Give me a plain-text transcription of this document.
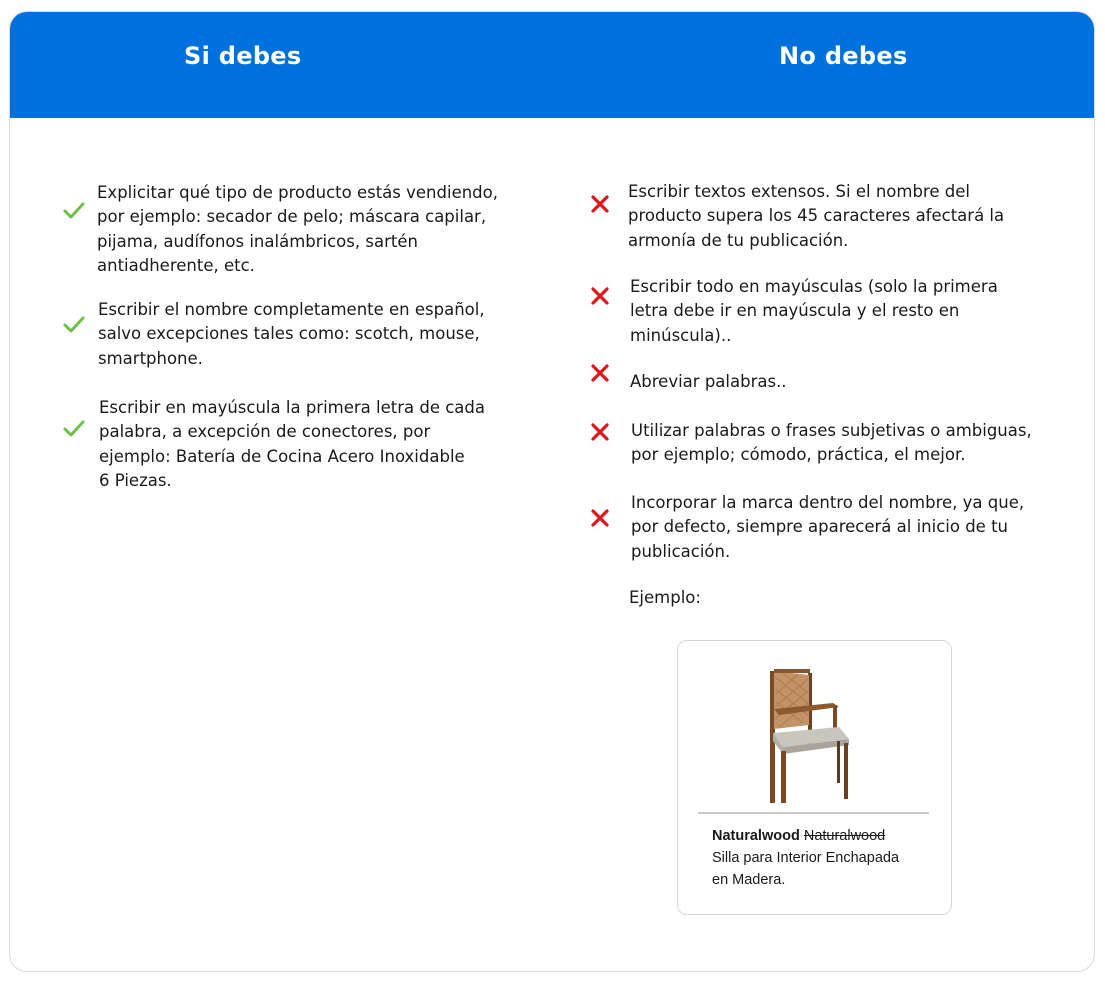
Si debes	No debes
Explicitar qué tipo de producto estás vendiendo,
por ejemplo: secador de pelo; máscara capilar,
pijama, audífonos inalámbricos, sartén
antiadherente, etc.
Escribir el nombre completamente en español,
salvo excepciones tales como: scotch, mouse,
smartphone.
Escribir en mayúscula la primera letra de cada
palabra, a excepción de conectores, por
ejemplo: Batería de Cocina Acero Inoxidable
6 Piezas.
Escribir textos extensos. Si el nombre del
producto supera los 45 caracteres afectará la
armonía de tu publicación.
Escribir todo en mayúsculas (solo la primera
letra debe ir en mayúscula y el resto en
minúscula)..
Abreviar palabras..
Utilizar palabras o frases subjetivas o ambiguas,
por ejemplo; cómodo, práctica, el mejor.
Incorporar la marca dentro del nombre, ya que,
por defecto, siempre aparecerá al inicio de tu
publicación.
Ejemplo:
Naturalwood Naturalwood
Silla para Interior Enchapada
en Madera.
